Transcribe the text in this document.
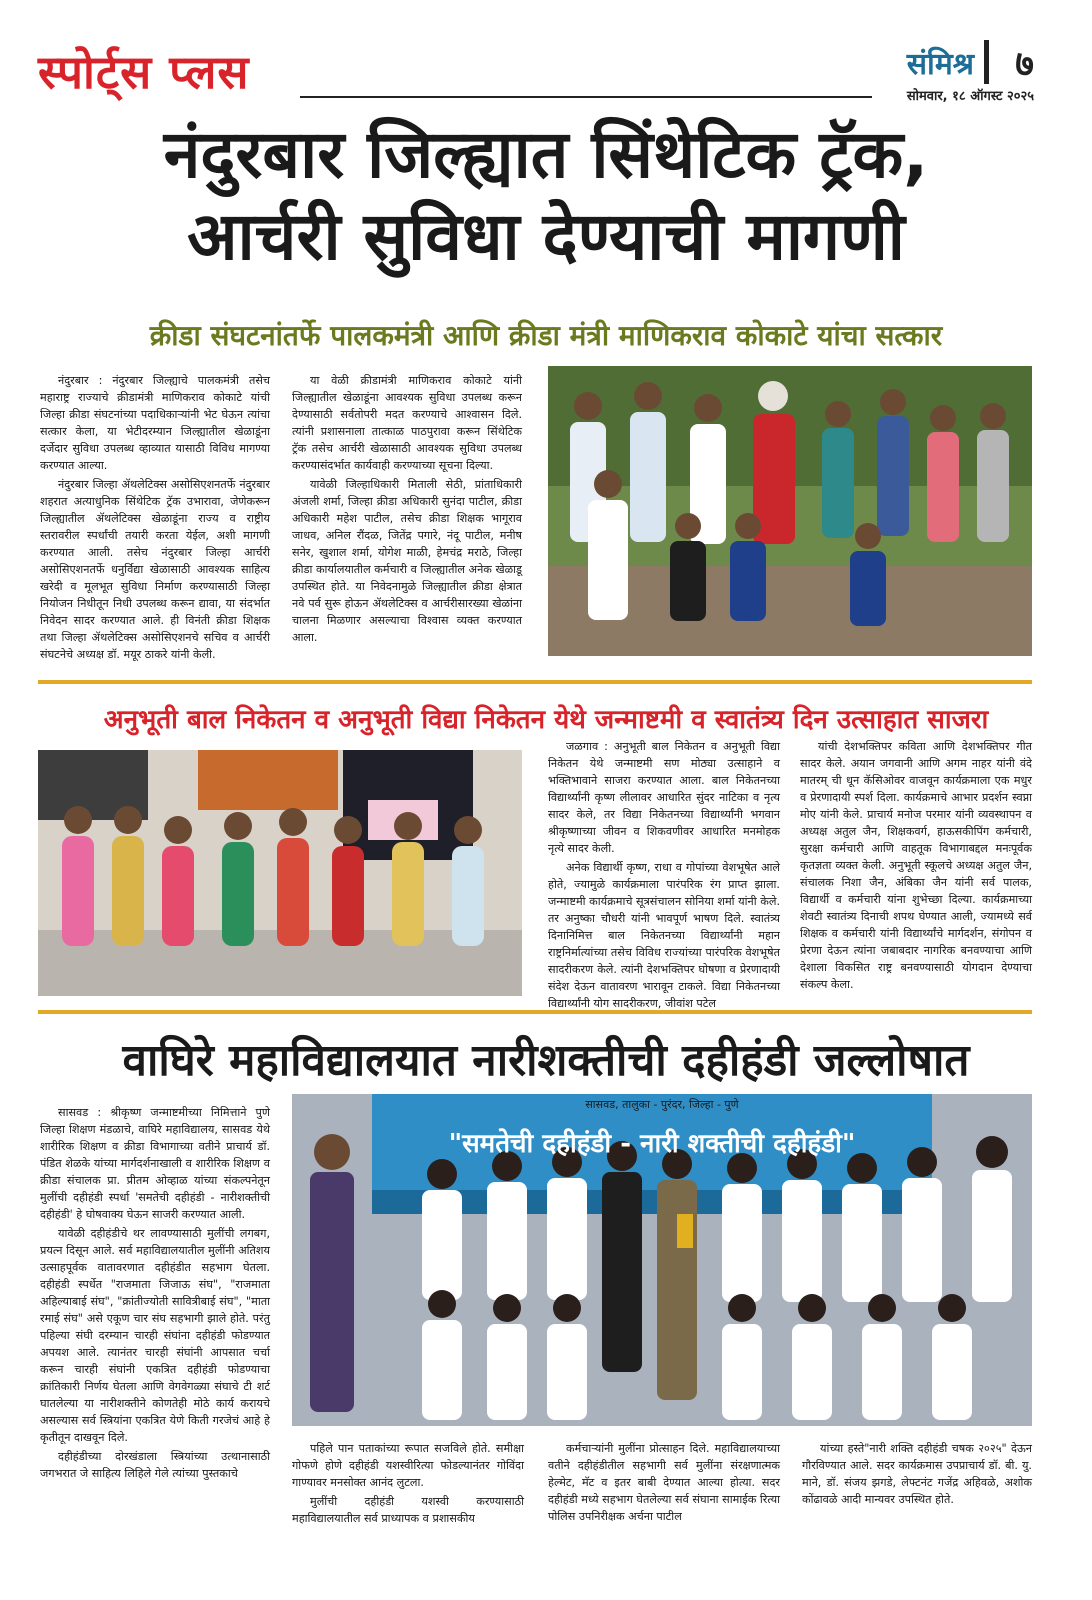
स्पोर्ट्स प्लस	संमिश्र ७
सोमवार, १८ ऑगस्ट २०२५
नंदुरबार जिल्ह्यात सिंथेटिक ट्रॅक,
आर्चरी सुविधा देण्याची मागणी
क्रीडा संघटनांतर्फे पालकमंत्री आणि क्रीडा मंत्री माणिकराव कोकाटे यांचा सत्कार

नंदुरबार : नंदुरबार जिल्ह्याचे पालकमंत्री तसेच महाराष्ट्र राज्याचे क्रीडामंत्री माणिकराव कोकाटे यांची जिल्हा क्रीडा संघटनांच्या पदाधिकाऱ्यांनी भेट घेऊन त्यांचा सत्कार केला, या भेटीदरम्यान जिल्ह्यातील खेळाडूंना दर्जेदार सुविधा उपलब्ध व्हाव्यात यासाठी विविध मागण्या करण्यात आल्या.

नंदुरबार जिल्हा ॲथलेटिक्स असोसिएशनतर्फे नंदुरबार शहरात अत्याधुनिक सिंथेटिक ट्रॅक उभारावा, जेणेकरून जिल्ह्यातील ॲथलेटिक्स खेळाडूंना राज्य व राष्ट्रीय स्तरावरील स्पर्धांची तयारी करता येईल, अशी मागणी करण्यात आली. तसेच नंदुरबार जिल्हा आर्चरी असोसिएशनतर्फे धनुर्विद्या खेळासाठी आवश्यक साहित्य खरेदी व मूलभूत सुविधा निर्माण करण्यासाठी जिल्हा नियोजन निधीतून निधी उपलब्ध करून द्यावा, या संदर्भात निवेदन सादर करण्यात आले. ही विनंती क्रीडा शिक्षक तथा जिल्हा ॲथलेटिक्स असोसिएशनचे सचिव व आर्चरी संघटनेचे अध्यक्ष डॉ. मयूर ठाकरे यांनी केली.

या वेळी क्रीडामंत्री माणिकराव कोकाटे यांनी जिल्ह्यातील खेळाडूंना आवश्यक सुविधा उपलब्ध करून देण्यासाठी सर्वतोपरी मदत करण्याचे आश्वासन दिले. त्यांनी प्रशासनाला तात्काळ पाठपुरावा करून सिंथेटिक ट्रॅक तसेच आर्चरी खेळासाठी आवश्यक सुविधा उपलब्ध करण्यासंदर्भात कार्यवाही करण्याच्या सूचना दिल्या.

यावेळी जिल्हाधिकारी मिताली सेठी, प्रांताधिकारी अंजली शर्मा, जिल्हा क्रीडा अधिकारी सुनंदा पाटील, क्रीडा अधिकारी महेश पाटील, तसेच क्रीडा शिक्षक भागूराव जाधव, अनिल रौंदळ, जितेंद्र पगारे, नंदू पाटील, मनीष सनेर, खुशाल शर्मा, योगेश माळी, हेमचंद्र मराठे, जिल्हा क्रीडा कार्यालयातील कर्मचारी व जिल्ह्यातील अनेक खेळाडू उपस्थित होते. या निवेदनामुळे जिल्ह्यातील क्रीडा क्षेत्रात नवे पर्व सुरू होऊन ॲथलेटिक्स व आर्चरीसारख्या खेळांना चालना मिळणार असल्याचा विश्वास व्यक्त करण्यात आला.

अनुभूती बाल निकेतन व अनुभूती विद्या निकेतन येथे जन्माष्टमी व स्वातंत्र्य दिन उत्साहात साजरा

जळगाव : अनुभूती बाल निकेतन व अनुभूती विद्या निकेतन येथे जन्माष्टमी सण मोठ्या उत्साहाने व भक्तिभावाने साजरा करण्यात आला. बाल निकेतनच्या विद्यार्थ्यांनी कृष्ण लीलावर आधारित सुंदर नाटिका व नृत्य सादर केले, तर विद्या निकेतनच्या विद्यार्थ्यांनी भगवान श्रीकृष्णाच्या जीवन व शिकवणीवर आधारित मनमोहक नृत्ये सादर केली.

अनेक विद्यार्थी कृष्ण, राधा व गोपांच्या वेशभूषेत आले होते, ज्यामुळे कार्यक्रमाला पारंपरिक रंग प्राप्त झाला. जन्माष्टमी कार्यक्रमाचे सूत्रसंचालन सोनिया शर्मा यांनी केले. तर अनुष्का चौधरी यांनी भावपूर्ण भाषण दिले. स्वातंत्र्य दिनानिमित्त बाल निकेतनच्या विद्यार्थ्यांनी महान राष्ट्रनिर्मात्यांच्या तसेच विविध राज्यांच्या पारंपरिक वेशभूषेत सादरीकरण केले. त्यांनी देशभक्तिपर घोषणा व प्रेरणादायी संदेश देऊन वातावरण भारावून टाकले. विद्या निकेतनच्या विद्यार्थ्यांनी योग सादरीकरण, जीवांश पटेल

यांची देशभक्तिपर कविता आणि देशभक्तिपर गीत सादर केले. अयान जगवानी आणि अगम नाहर यांनी वंदे मातरम् ची धून कॅसिओवर वाजवून कार्यक्रमाला एक मधुर व प्रेरणादायी स्पर्श दिला. कार्यक्रमाचे आभार प्रदर्शन स्वप्ना मोए यांनी केले. प्राचार्य मनोज परमार यांनी व्यवस्थापन व अध्यक्ष अतुल जैन, शिक्षकवर्ग, हाऊसकीपिंग कर्मचारी, सुरक्षा कर्मचारी आणि वाहतूक विभागाबद्दल मनःपूर्वक कृतज्ञता व्यक्त केली. अनुभूती स्कूलचे अध्यक्ष अतुल जैन, संचालक निशा जैन, अंबिका जैन यांनी सर्व पालक, विद्यार्थी व कर्मचारी यांना शुभेच्छा दिल्या. कार्यक्रमाच्या शेवटी स्वातंत्र्य दिनाची शपथ घेण्यात आली, ज्यामध्ये सर्व शिक्षक व कर्मचारी यांनी विद्यार्थ्यांचे मार्गदर्शन, संगोपन व प्रेरणा देऊन त्यांना जबाबदार नागरिक बनवण्याचा आणि देशाला विकसित राष्ट्र बनवण्यासाठी योगदान देण्याचा संकल्प केला.

वाघिरे महाविद्यालयात नारीशक्तीची दहीहंडी जल्लोषात

सासवड : श्रीकृष्ण जन्माष्टमीच्या निमित्ताने पुणे जिल्हा शिक्षण मंडळाचे, वाघिरे महाविद्यालय, सासवड येथे शारीरिक शिक्षण व क्रीडा विभागाच्या वतीने प्राचार्य डॉ. पंडित शेळके यांच्या मार्गदर्शनाखाली व शारीरिक शिक्षण व क्रीडा संचालक प्रा. प्रीतम ओव्हाळ यांच्या संकल्पनेतून मुलींची दहीहंडी स्पर्धा 'समतेची दहीहंडी - नारीशक्तीची दहीहंडी' हे घोषवाक्य घेऊन साजरी करण्यात आली.

यावेळी दहीहंडीचे थर लावण्यासाठी मुलींची लगबग, प्रयत्न दिसून आले. सर्व महाविद्यालयातील मुलींनी अतिशय उत्साहपूर्वक वातावरणात दहीहंडीत सहभाग घेतला. दहीहंडी स्पर्धेत "राजमाता जिजाऊ संघ", "राजमाता अहिल्याबाई संघ", "क्रांतीज्योती सावित्रीबाई संघ", "माता रमाई संघ" असे एकूण चार संघ सहभागी झाले होते. परंतु पहिल्या संघी दरम्यान चारही संघांना दहीहंडी फोडण्यात अपयश आले. त्यानंतर चारही संघांनी आपसात चर्चा करून चारही संघांनी एकत्रित दहीहंडी फोडण्याचा क्रांतिकारी निर्णय घेतला आणि वेगवेगळ्या संघाचे टी शर्ट घातलेल्या या नारीशक्तीने कोणतेही मोठे कार्य करायचे असल्यास सर्व स्त्रियांना एकत्रित येणे किती गरजेचं आहे हे कृतीतून दाखवून दिले.

दहीहंडीच्या दोरखंडाला स्त्रियांच्या उत्थानासाठी जगभरात जे साहित्य लिहिले गेले त्यांच्या पुस्तकाचे

सासवड, तालुका - पुरंदर, जिल्हा - पुणे
"समतेची दहीहंडी - नारी शक्तीची दहीहंडी"

पहिले पान पताकांच्या रूपात सजविले होते. समीक्षा गोफणे होणे दहीहंडी यशस्वीरित्या फोडल्यानंतर गोविंदा गाण्यावर मनसोक्त आनंद लुटला.

मुलींची दहीहंडी यशस्वी करण्यासाठी महाविद्यालयातील सर्व प्राध्यापक व प्रशासकीय

कर्मचाऱ्यांनी मुलींना प्रोत्साहन दिले. महाविद्यालयाच्या वतीने दहीहंडीतील सहभागी सर्व मुलींना संरक्षणात्मक हेल्मेट, मॅट व इतर बाबी देण्यात आल्या होत्या. सदर दहीहंडी मध्ये सहभाग घेतलेल्या सर्व संघाना सामाईक रित्या पोलिस उपनिरीक्षक अर्चना पाटील

यांच्या हस्ते"नारी शक्ति दहीहंडी चषक २०२५" देऊन गौरविण्यात आले. सदर कार्यक्रमास उपप्राचार्य डॉ. बी. यु. माने, डॉ. संजय झगडे, लेफ्टनंट गजेंद्र अहिवळे, अशोक कोंढावळे आदी मान्यवर उपस्थित होते.
